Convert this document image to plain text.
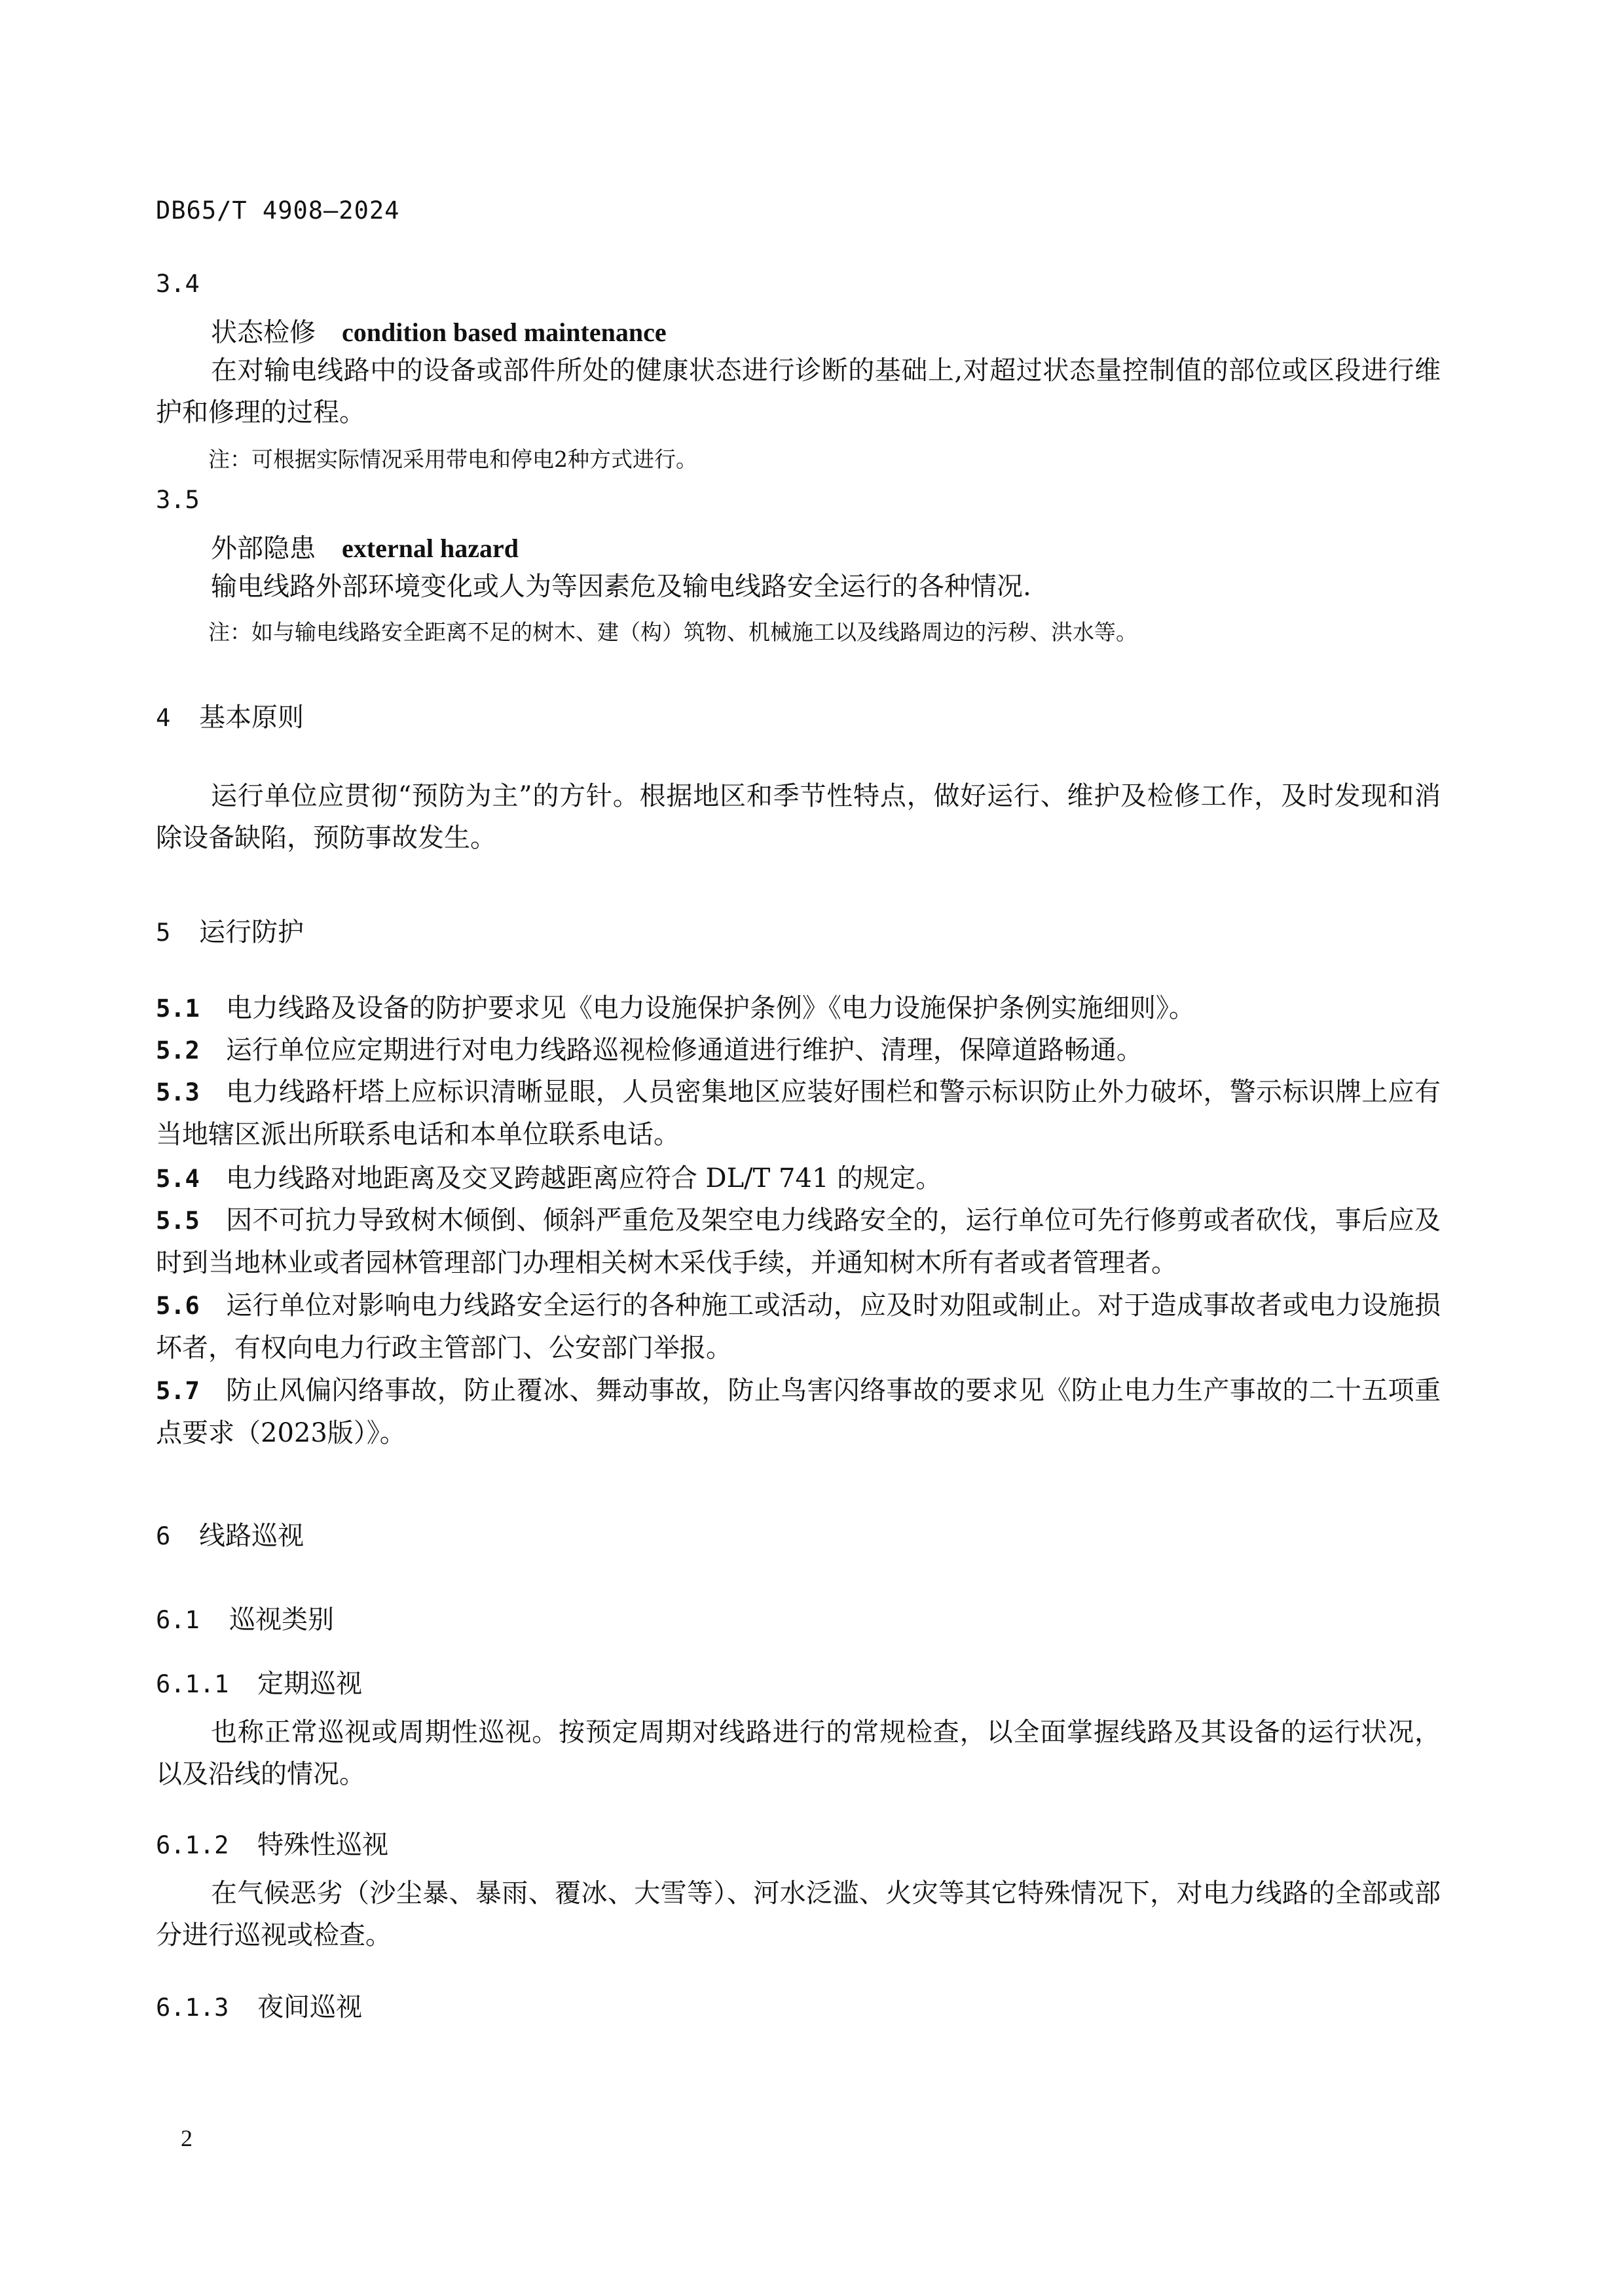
DB65/T 4908—2024
3.4
状态检修 condition based maintenance
在对输电线路中的设备或部件所处的健康状态进行诊断的基础上,对超过状态量控制值的部位或区段进行维护和修理的过程。
注：可根据实际情况采用带电和停电2种方式进行。
3.5
外部隐患 external hazard
输电线路外部环境变化或人为等因素危及输电线路安全运行的各种情况.
注：如与输电线路安全距离不足的树木、建（构）筑物、机械施工以及线路周边的污秽、洪水等。
4 基本原则
运行单位应贯彻“预防为主”的方针。根据地区和季节性特点，做好运行、维护及检修工作，及时发现和消除设备缺陷，预防事故发生。
5 运行防护
5.1 电力线路及设备的防护要求见《电力设施保护条例》《电力设施保护条例实施细则》。
5.2 运行单位应定期进行对电力线路巡视检修通道进行维护、清理，保障道路畅通。
5.3 电力线路杆塔上应标识清晰显眼，人员密集地区应装好围栏和警示标识防止外力破坏，警示标识牌上应有当地辖区派出所联系电话和本单位联系电话。
5.4 电力线路对地距离及交叉跨越距离应符合 DL/T 741 的规定。
5.5 因不可抗力导致树木倾倒、倾斜严重危及架空电力线路安全的，运行单位可先行修剪或者砍伐，事后应及时到当地林业或者园林管理部门办理相关树木采伐手续，并通知树木所有者或者管理者。
5.6 运行单位对影响电力线路安全运行的各种施工或活动，应及时劝阻或制止。对于造成事故者或电力设施损坏者，有权向电力行政主管部门、公安部门举报。
5.7 防止风偏闪络事故，防止覆冰、舞动事故，防止鸟害闪络事故的要求见《防止电力生产事故的二十五项重点要求（2023版）》。
6 线路巡视
6.1 巡视类别
6.1.1 定期巡视
也称正常巡视或周期性巡视。按预定周期对线路进行的常规检查，以全面掌握线路及其设备的运行状况，以及沿线的情况。
6.1.2 特殊性巡视
在气候恶劣（沙尘暴、暴雨、覆冰、大雪等）、河水泛滥、火灾等其它特殊情况下，对电力线路的全部或部分进行巡视或检查。
6.1.3 夜间巡视
2
